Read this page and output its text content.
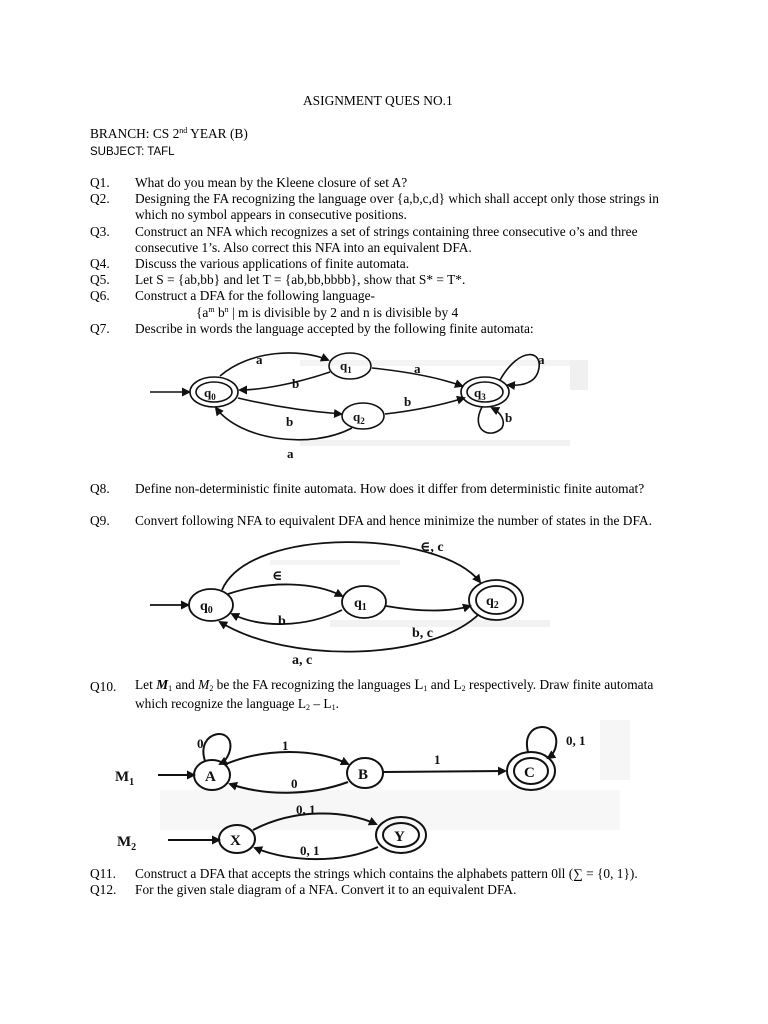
ASIGNMENT QUES NO.1
BRANCH: CS 2nd YEAR (B)
SUBJECT: TAFL
Q1. What do you mean by the Kleene closure of set A?
Q2. Designing the FA recognizing the language over {a,b,c,d} which shall accept only those strings in
which no symbol appears in consecutive positions.
Q3. Construct an NFA which recognizes a set of strings containing three consecutive o’s and three
consecutive 1’s. Also correct this NFA into an equivalent DFA.
Q4. Discuss the various applications of finite automata.
Q5. Let S = {ab,bb} and let T = {ab,bb,bbbb}, show that S* = T*.
Q6. Construct a DFA for the following language-
{$a^m$ $b^n$ | m is divisible by 2 and n is divisible by 4
Q7. Describe in words the language accepted by the following finite automata:
Q8. Define non-deterministic finite automata. How does it differ from deterministic finite automat?
Q9. Convert following NFA to equivalent DFA and hence minimize the number of states in the DFA.
Q10. Let $M_1$ and $M_2$ be the FA recognizing the languages $L_1$ and $L_2$ respectively. Draw finite automata
which recognize the language $L_2 - L_1$.
Q11. Construct a DFA that accepts the strings which contains the alphabets pattern 0ll (∑ = {0, 1}).
Q12. For the given stale diagram of a NFA. Convert it to an equivalent DFA.
$q_0$
$q_1$
$q_2$
$q_3$
a
b
a
b
b
a
a
b
$q_0$	$q_1$	$q_2$
∈, c
∈
b
b, c
a, c
$M_1$
$M_2$
A	B	C
X	Y
0	1
0
1
0, 1
0, 1
0, 1
